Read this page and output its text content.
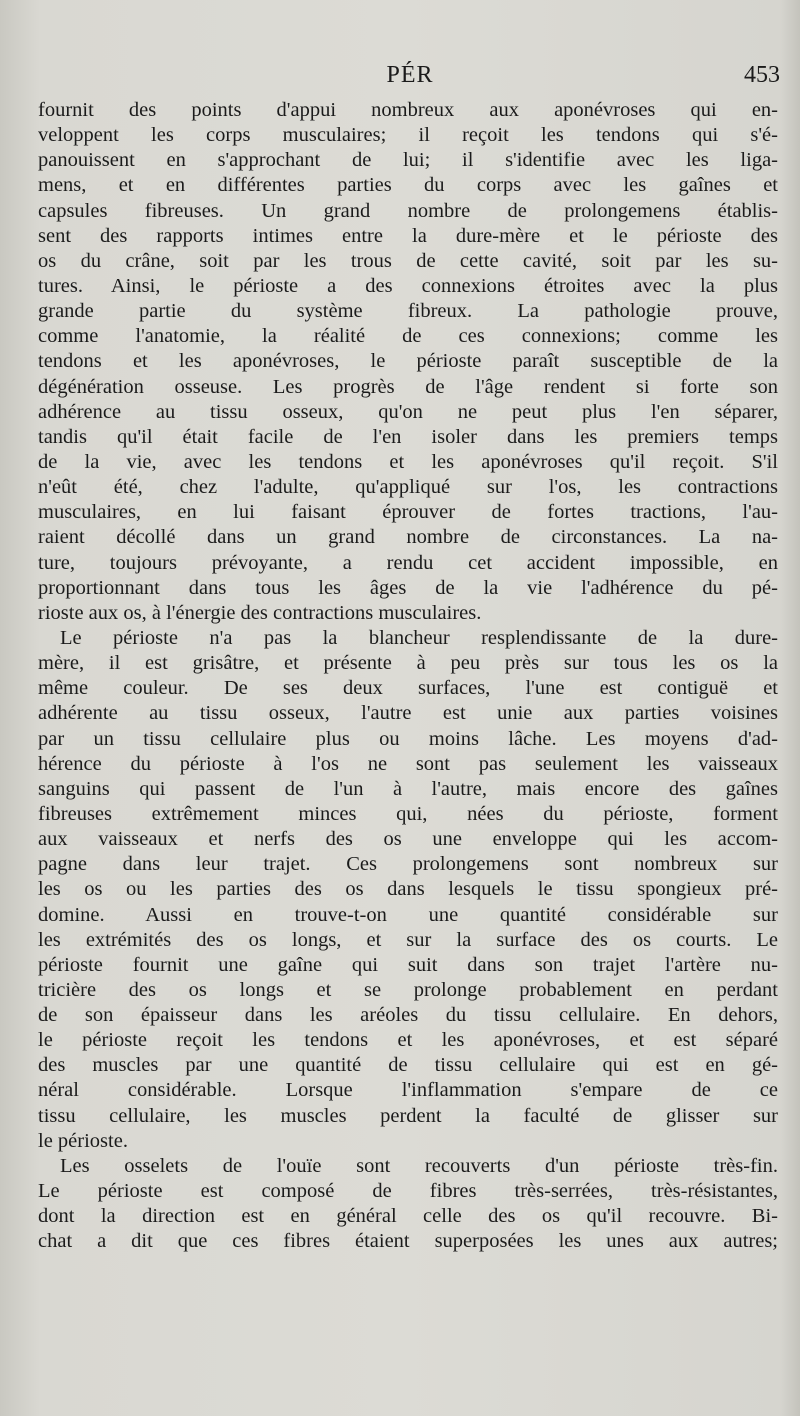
PÉR	453
fournit des points d'appui nombreux aux aponévroses qui en-
veloppent les corps musculaires; il reçoit les tendons qui s'é-
panouissent en s'approchant de lui; il s'identifie avec les liga-
mens, et en différentes parties du corps avec les gaînes et
capsules fibreuses. Un grand nombre de prolongemens établis-
sent des rapports intimes entre la dure-mère et le périoste des
os du crâne, soit par les trous de cette cavité, soit par les su-
tures. Ainsi, le périoste a des connexions étroites avec la plus
grande partie du système fibreux. La pathologie prouve,
comme l'anatomie, la réalité de ces connexions; comme les
tendons et les aponévroses, le périoste paraît susceptible de la
dégénération osseuse. Les progrès de l'âge rendent si forte son
adhérence au tissu osseux, qu'on ne peut plus l'en séparer,
tandis qu'il était facile de l'en isoler dans les premiers temps
de la vie, avec les tendons et les aponévroses qu'il reçoit. S'il
n'eût été, chez l'adulte, qu'appliqué sur l'os, les contractions
musculaires, en lui faisant éprouver de fortes tractions, l'au-
raient décollé dans un grand nombre de circonstances. La na-
ture, toujours prévoyante, a rendu cet accident impossible, en
proportionnant dans tous les âges de la vie l'adhérence du pé-
rioste aux os, à l'énergie des contractions musculaires.
Le périoste n'a pas la blancheur resplendissante de la dure-
mère, il est grisâtre, et présente à peu près sur tous les os la
même couleur. De ses deux surfaces, l'une est contiguë et
adhérente au tissu osseux, l'autre est unie aux parties voisines
par un tissu cellulaire plus ou moins lâche. Les moyens d'ad-
hérence du périoste à l'os ne sont pas seulement les vaisseaux
sanguins qui passent de l'un à l'autre, mais encore des gaînes
fibreuses extrêmement minces qui, nées du périoste, forment
aux vaisseaux et nerfs des os une enveloppe qui les accom-
pagne dans leur trajet. Ces prolongemens sont nombreux sur
les os ou les parties des os dans lesquels le tissu spongieux pré-
domine. Aussi en trouve-t-on une quantité considérable sur
les extrémités des os longs, et sur la surface des os courts. Le
périoste fournit une gaîne qui suit dans son trajet l'artère nu-
tricière des os longs et se prolonge probablement en perdant
de son épaisseur dans les aréoles du tissu cellulaire. En dehors,
le périoste reçoit les tendons et les aponévroses, et est séparé
des muscles par une quantité de tissu cellulaire qui est en gé-
néral considérable. Lorsque l'inflammation s'empare de ce
tissu cellulaire, les muscles perdent la faculté de glisser sur
le périoste.
Les osselets de l'ouïe sont recouverts d'un périoste très-fin.
Le périoste est composé de fibres très-serrées, très-résistantes,
dont la direction est en général celle des os qu'il recouvre. Bi-
chat a dit que ces fibres étaient superposées les unes aux autres;
